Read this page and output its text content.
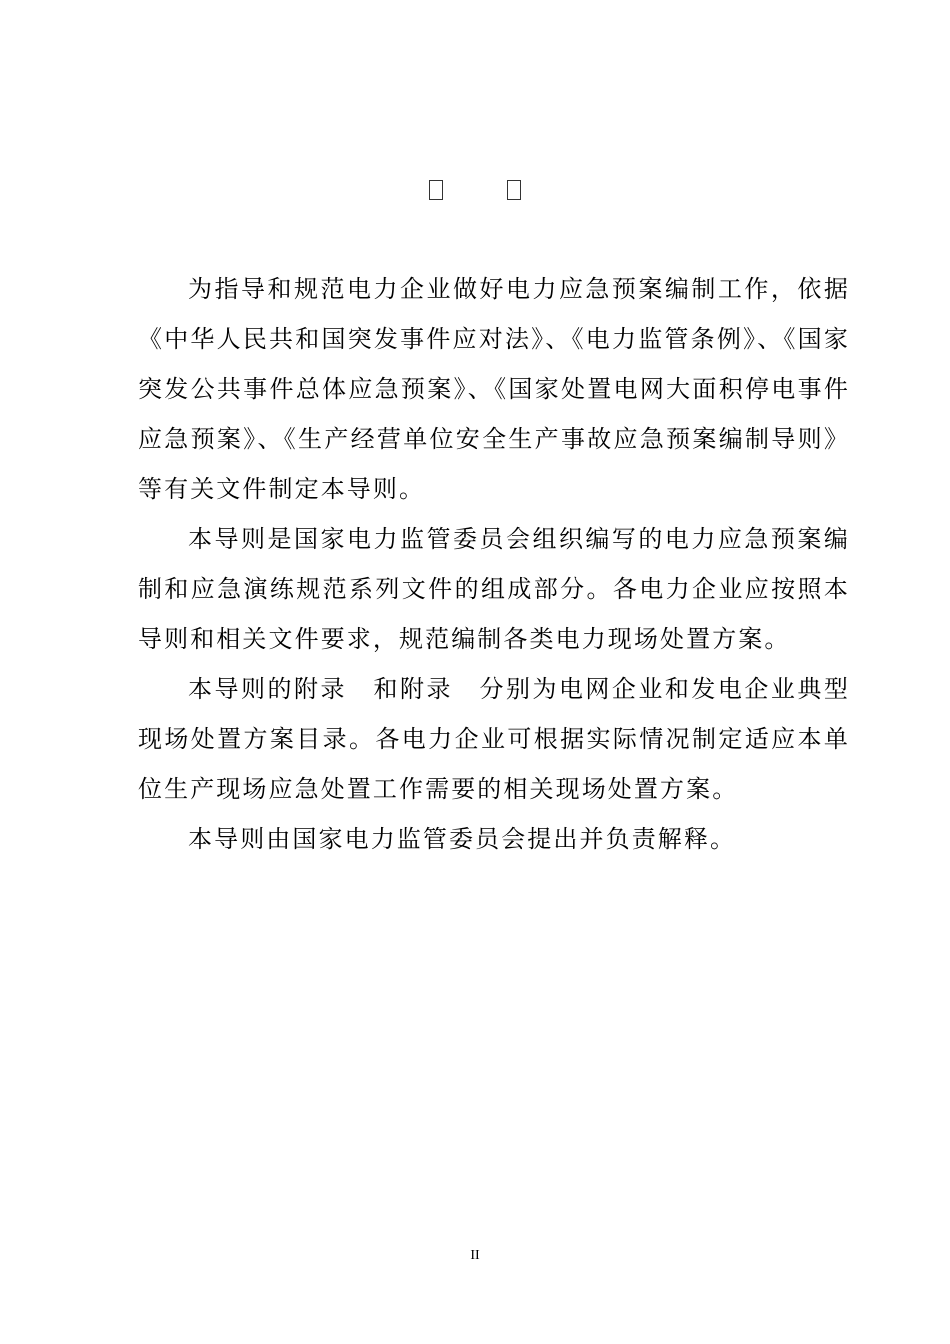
为指导和规范电力企业做好电力应急预案编制工作，依据《中华人民共和国突发事件应对法》、《电力监管条例》、《国家突发公共事件总体应急预案》、《国家处置电网大面积停电事件应急预案》、《生产经营单位安全生产事故应急预案编制导则》等有关文件制定本导则。

本导则是国家电力监管委员会组织编写的电力应急预案编制和应急演练规范系列文件的组成部分。各电力企业应按照本导则和相关文件要求，规范编制各类电力现场处置方案。

本导则的附录　和附录　分别为电网企业和发电企业典型现场处置方案目录。各电力企业可根据实际情况制定适应本单位生产现场应急处置工作需要的相关现场处置方案。

本导则由国家电力监管委员会提出并负责解释。

II
